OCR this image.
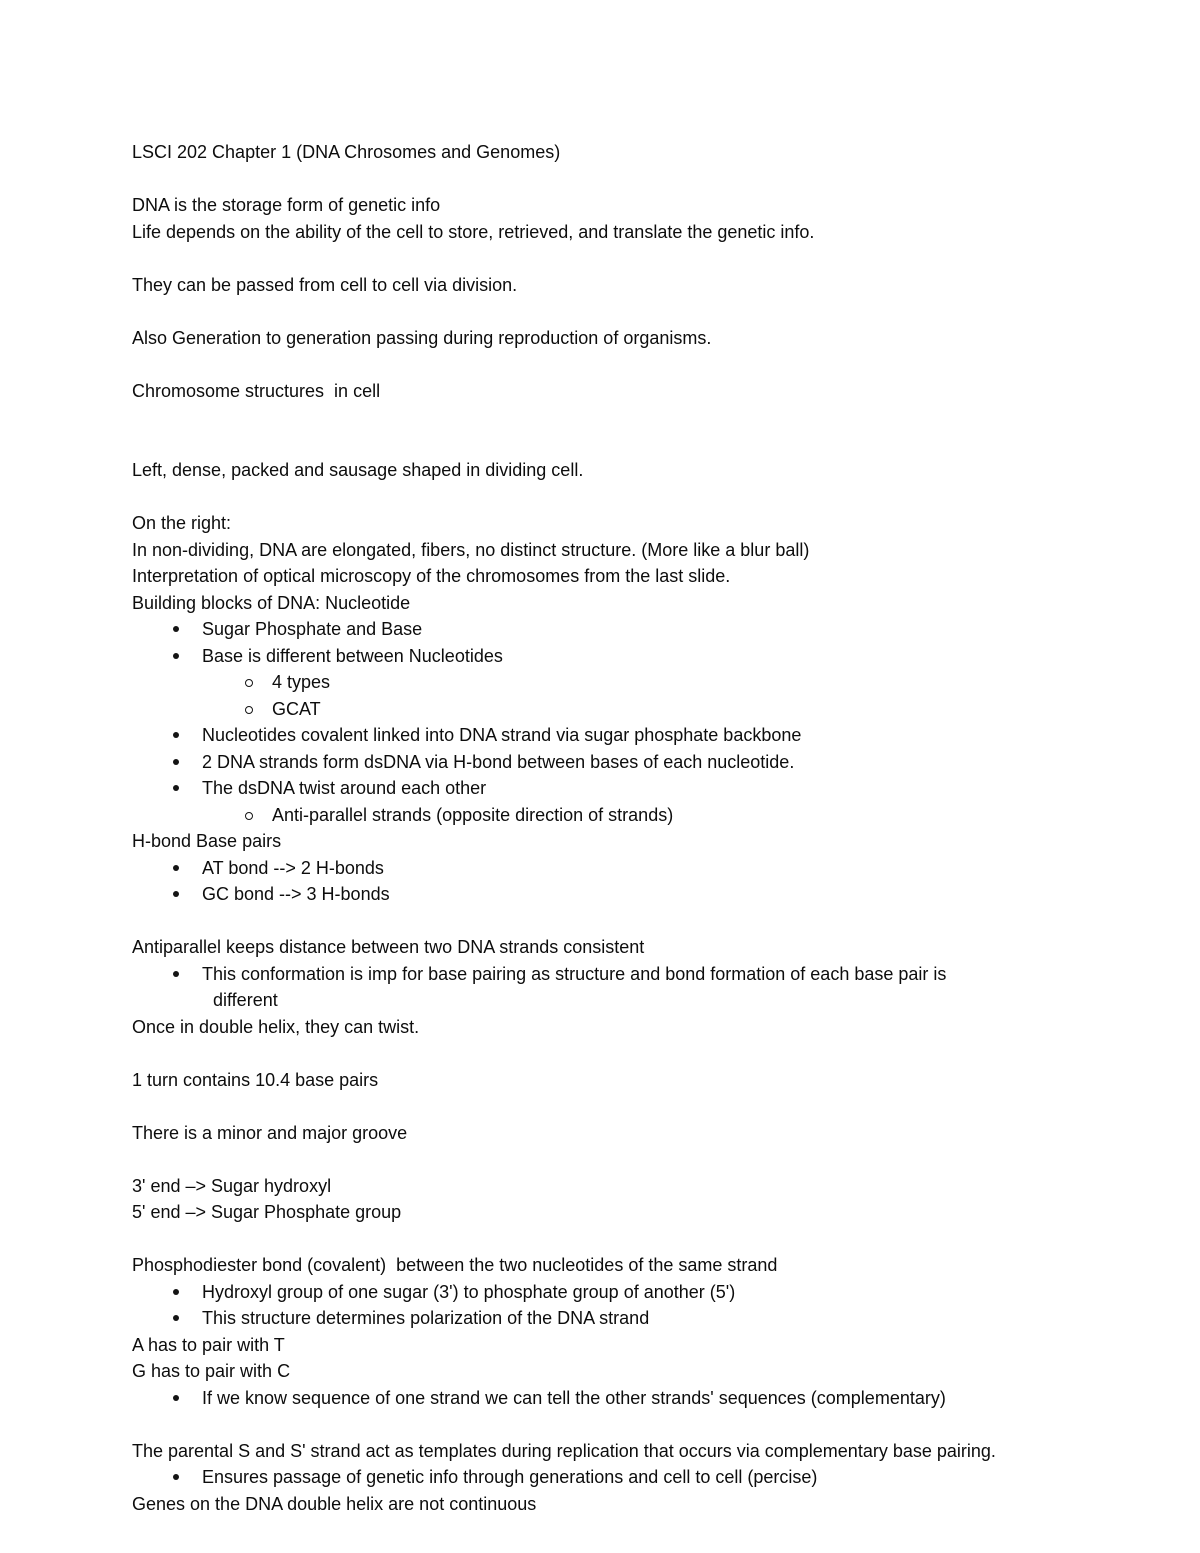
LSCI 202 Chapter 1 (DNA Chrosomes and Genomes)
DNA is the storage form of genetic info
Life depends on the ability of the cell to store, retrieved, and translate the genetic info.
They can be passed from cell to cell via division.
Also Generation to generation passing during reproduction of organisms.
Chromosome structures  in cell
Left, dense, packed and sausage shaped in dividing cell.
On the right:
In non-dividing, DNA are elongated, fibers, no distinct structure. (More like a blur ball)
Interpretation of optical microscopy of the chromosomes from the last slide.
Building blocks of DNA: Nucleotide
Sugar Phosphate and Base
Base is different between Nucleotides
4 types
GCAT
Nucleotides covalent linked into DNA strand via sugar phosphate backbone
2 DNA strands form dsDNA via H-bond between bases of each nucleotide.
The dsDNA twist around each other
Anti-parallel strands (opposite direction of strands)
H-bond Base pairs
AT bond --> 2 H-bonds
GC bond --> 3 H-bonds
Antiparallel keeps distance between two DNA strands consistent
This conformation is imp for base pairing as structure and bond formation of each base pair is
different
Once in double helix, they can twist.
1 turn contains 10.4 base pairs
There is a minor and major groove
3' end –> Sugar hydroxyl
5' end –> Sugar Phosphate group
Phosphodiester bond (covalent)  between the two nucleotides of the same strand
Hydroxyl group of one sugar (3') to phosphate group of another (5')
This structure determines polarization of the DNA strand
A has to pair with T
G has to pair with C
If we know sequence of one strand we can tell the other strands' sequences (complementary)
The parental S and S' strand act as templates during replication that occurs via complementary base pairing.
Ensures passage of genetic info through generations and cell to cell (percise)
Genes on the DNA double helix are not continuous
